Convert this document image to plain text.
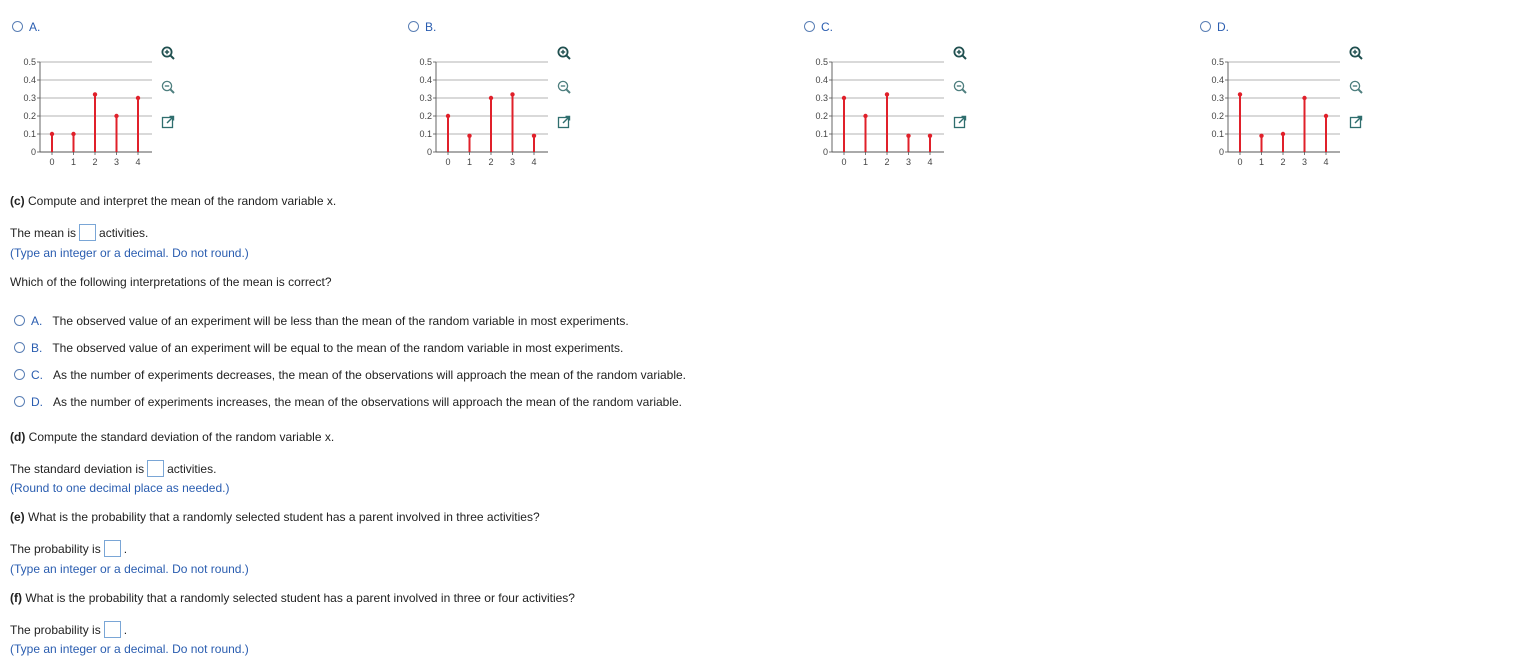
A.
0
0.1
0.2
0.3
0.4
0.5
0 1 2 3 4
B.
0
0.1
0.2
0.3
0.4
0.5
0 1 2 3 4
C.
0
0.1
0.2
0.3
0.4
0.5
0 1 2 3 4
D.
0
0.1
0.2
0.3
0.4
0.5
0 1 2 3 4
(c) Compute and interpret the mean of the random variable x.
The mean is activities.
(Type an integer or a decimal. Do not round.)
Which of the following interpretations of the mean is correct?
A. The observed value of an experiment will be less than the mean of the random variable in most experiments.
B. The observed value of an experiment will be equal to the mean of the random variable in most experiments.
C. As the number of experiments decreases, the mean of the observations will approach the mean of the random variable.
D. As the number of experiments increases, the mean of the observations will approach the mean of the random variable.
(d) Compute the standard deviation of the random variable x.
The standard deviation is activities.
(Round to one decimal place as needed.)
(e) What is the probability that a randomly selected student has a parent involved in three activities?
The probability is .
(Type an integer or a decimal. Do not round.)
(f) What is the probability that a randomly selected student has a parent involved in three or four activities?
The probability is .
(Type an integer or a decimal. Do not round.)
